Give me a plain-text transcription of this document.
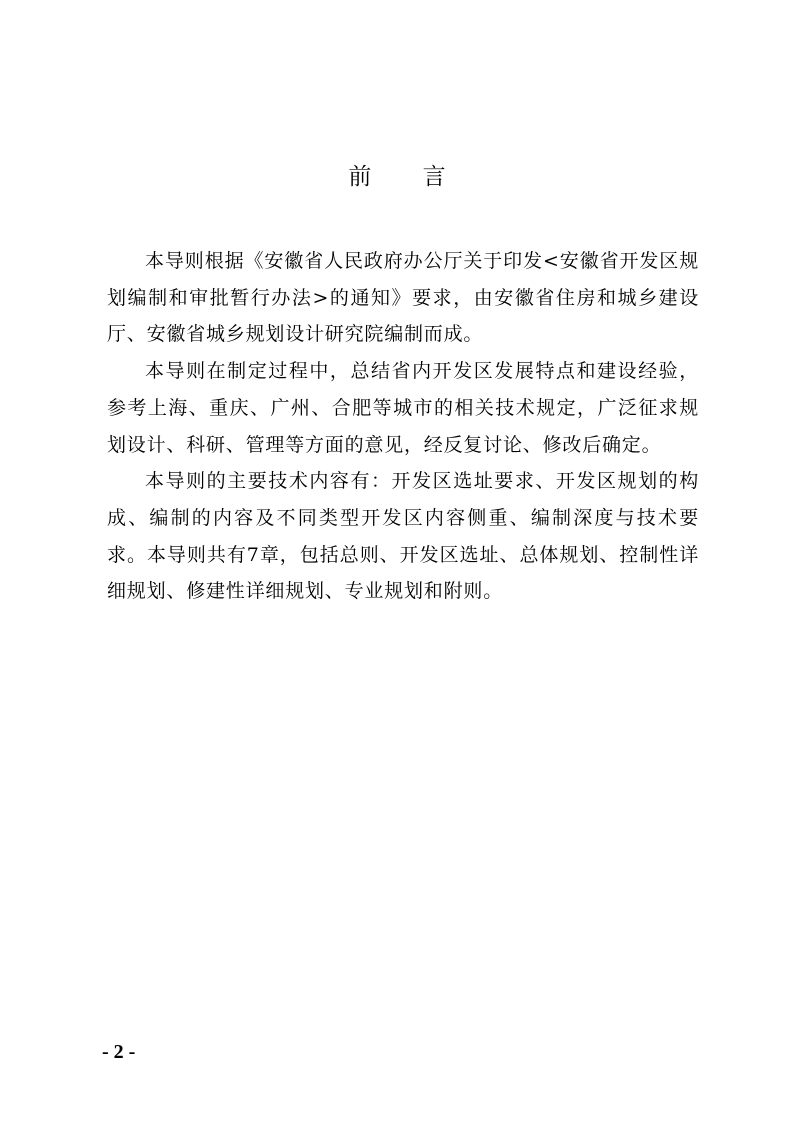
前 言

本导则根据《安徽省人民政府办公厅关于印发<安徽省开发区规划编制和审批暂行办法>的通知》要求，由安徽省住房和城乡建设厅、安徽省城乡规划设计研究院编制而成。

本导则在制定过程中，总结省内开发区发展特点和建设经验，参考上海、重庆、广州、合肥等城市的相关技术规定，广泛征求规划设计、科研、管理等方面的意见，经反复讨论、修改后确定。

本导则的主要技术内容有：开发区选址要求、开发区规划的构成、编制的内容及不同类型开发区内容侧重、编制深度与技术要求。本导则共有7章，包括总则、开发区选址、总体规划、控制性详细规划、修建性详细规划、专业规划和附则。

- 2 -
